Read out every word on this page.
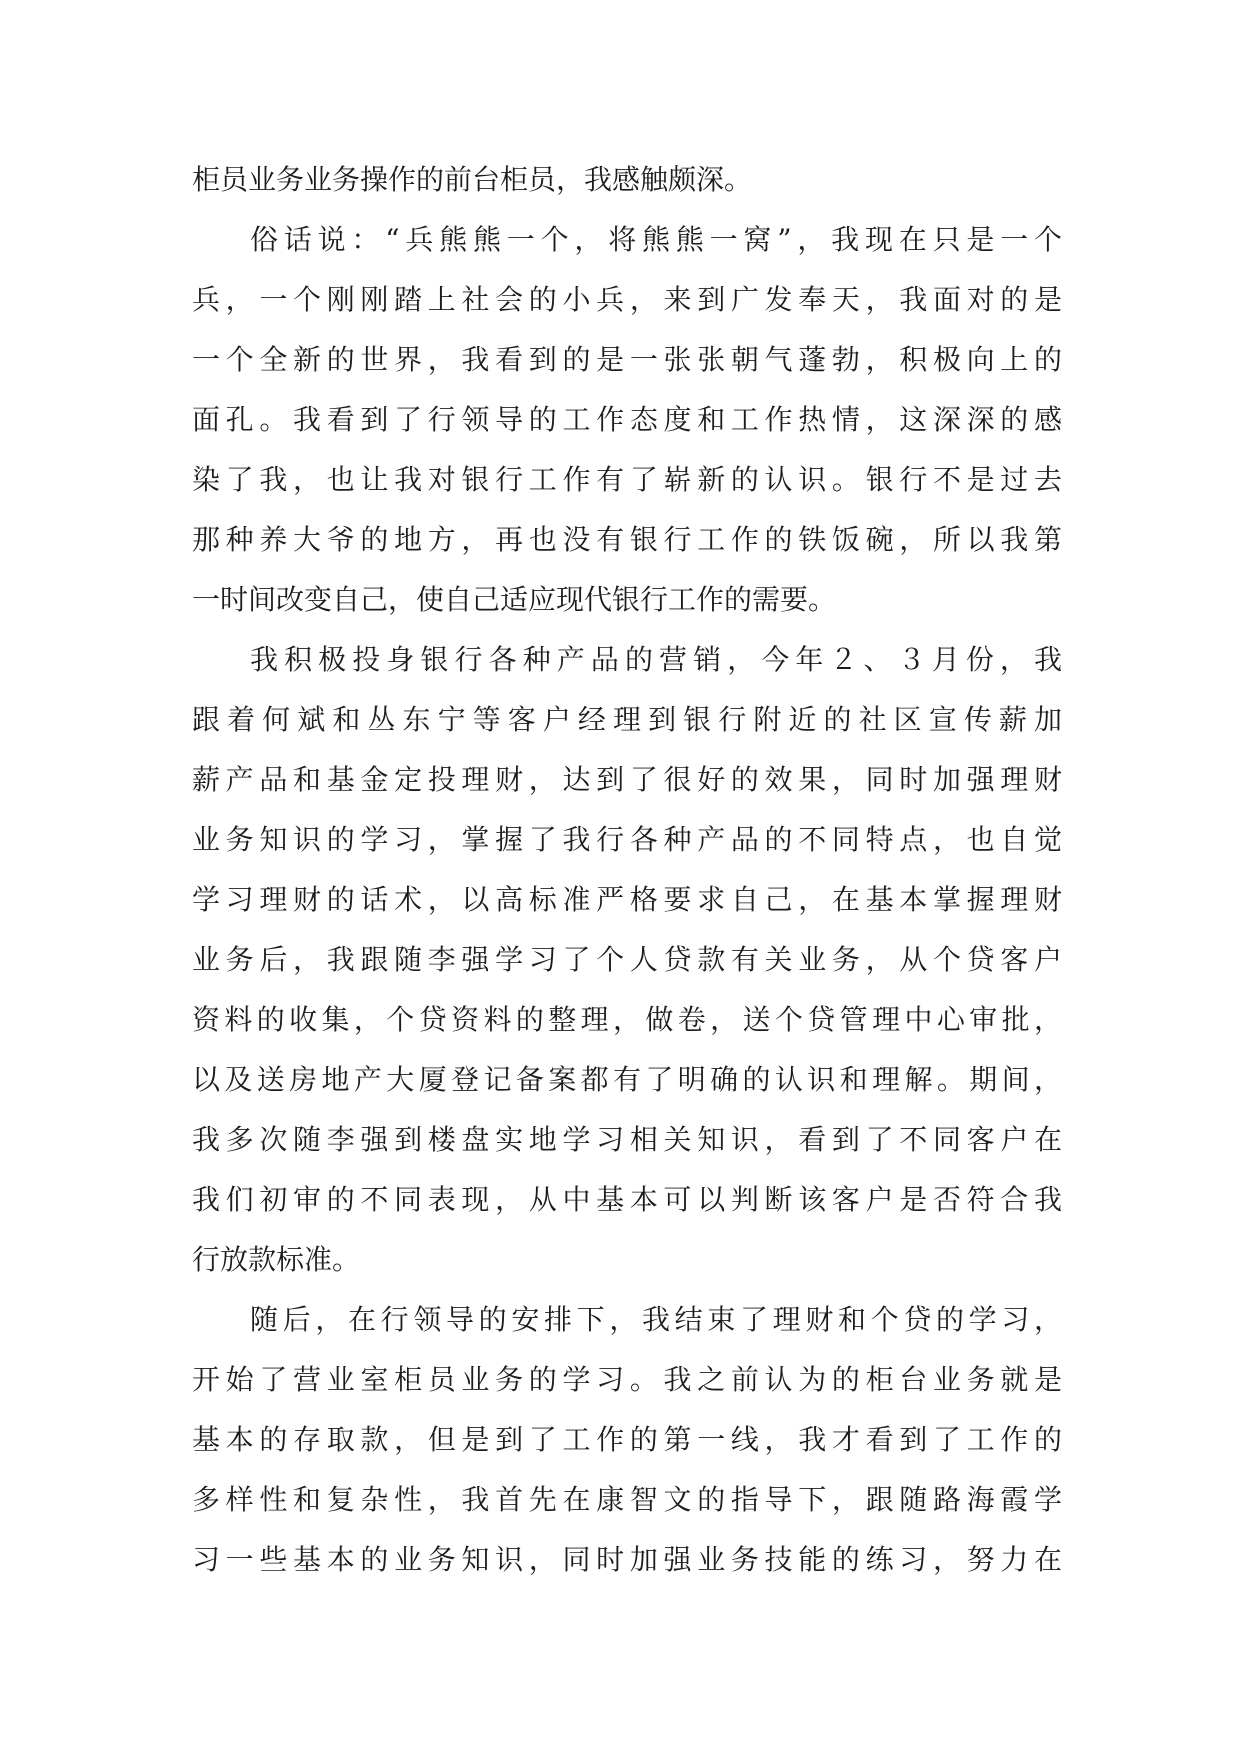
柜员业务业务操作的前台柜员，我感触颇深。
俗话说：“兵熊熊一个，将熊熊一窝”，我现在只是一个
兵，一个刚刚踏上社会的小兵，来到广发奉天，我面对的是
一个全新的世界，我看到的是一张张朝气蓬勃，积极向上的
面孔。我看到了行领导的工作态度和工作热情，这深深的感
染了我，也让我对银行工作有了崭新的认识。银行不是过去
那种养大爷的地方，再也没有银行工作的铁饭碗，所以我第
一时间改变自己，使自己适应现代银行工作的需要。
我积极投身银行各种产品的营销，今年２、３月份，我
跟着何斌和丛东宁等客户经理到银行附近的社区宣传薪加
薪产品和基金定投理财，达到了很好的效果，同时加强理财
业务知识的学习，掌握了我行各种产品的不同特点，也自觉
学习理财的话术，以高标准严格要求自己，在基本掌握理财
业务后，我跟随李强学习了个人贷款有关业务，从个贷客户
资料的收集，个贷资料的整理，做卷，送个贷管理中心审批，
以及送房地产大厦登记备案都有了明确的认识和理解。期间，
我多次随李强到楼盘实地学习相关知识，看到了不同客户在
我们初审的不同表现，从中基本可以判断该客户是否符合我
行放款标准。
随后，在行领导的安排下，我结束了理财和个贷的学习，
开始了营业室柜员业务的学习。我之前认为的柜台业务就是
基本的存取款，但是到了工作的第一线，我才看到了工作的
多样性和复杂性，我首先在康智文的指导下，跟随路海霞学
习一些基本的业务知识，同时加强业务技能的练习，努力在
